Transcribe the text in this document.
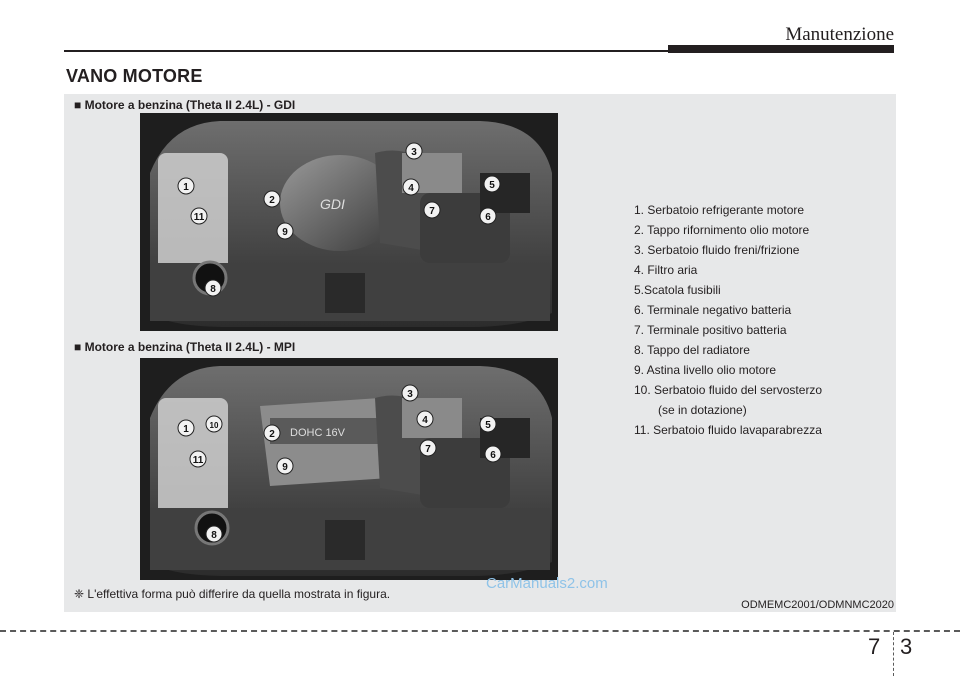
Manutenzione
VANO MOTORE
■ Motore a benzina (Theta II 2.4L) - GDI
GDI
1
2
3
4	5
6
7
8
9
11
■ Motore a benzina (Theta II 2.4L) - MPI
DOHC 16V
1	10
2
3
4	5
6
7
8
9
11
1. Serbatoio refrigerante motore
2. Tappo rifornimento olio motore
3. Serbatoio fluido freni/frizione
4. Filtro aria
5.Scatola fusibili
6. Terminale negativo batteria
7. Terminale positivo batteria
8. Tappo del radiatore
9. Astina livello olio motore
10. Serbatoio fluido del servosterzo
(se in dotazione)
11. Serbatoio fluido lavaparabrezza
❈ L'effettiva forma può differire da quella mostrata in figura.
CarManuals2.com
ODMEMC2001/ODMNMC2020
7 3
